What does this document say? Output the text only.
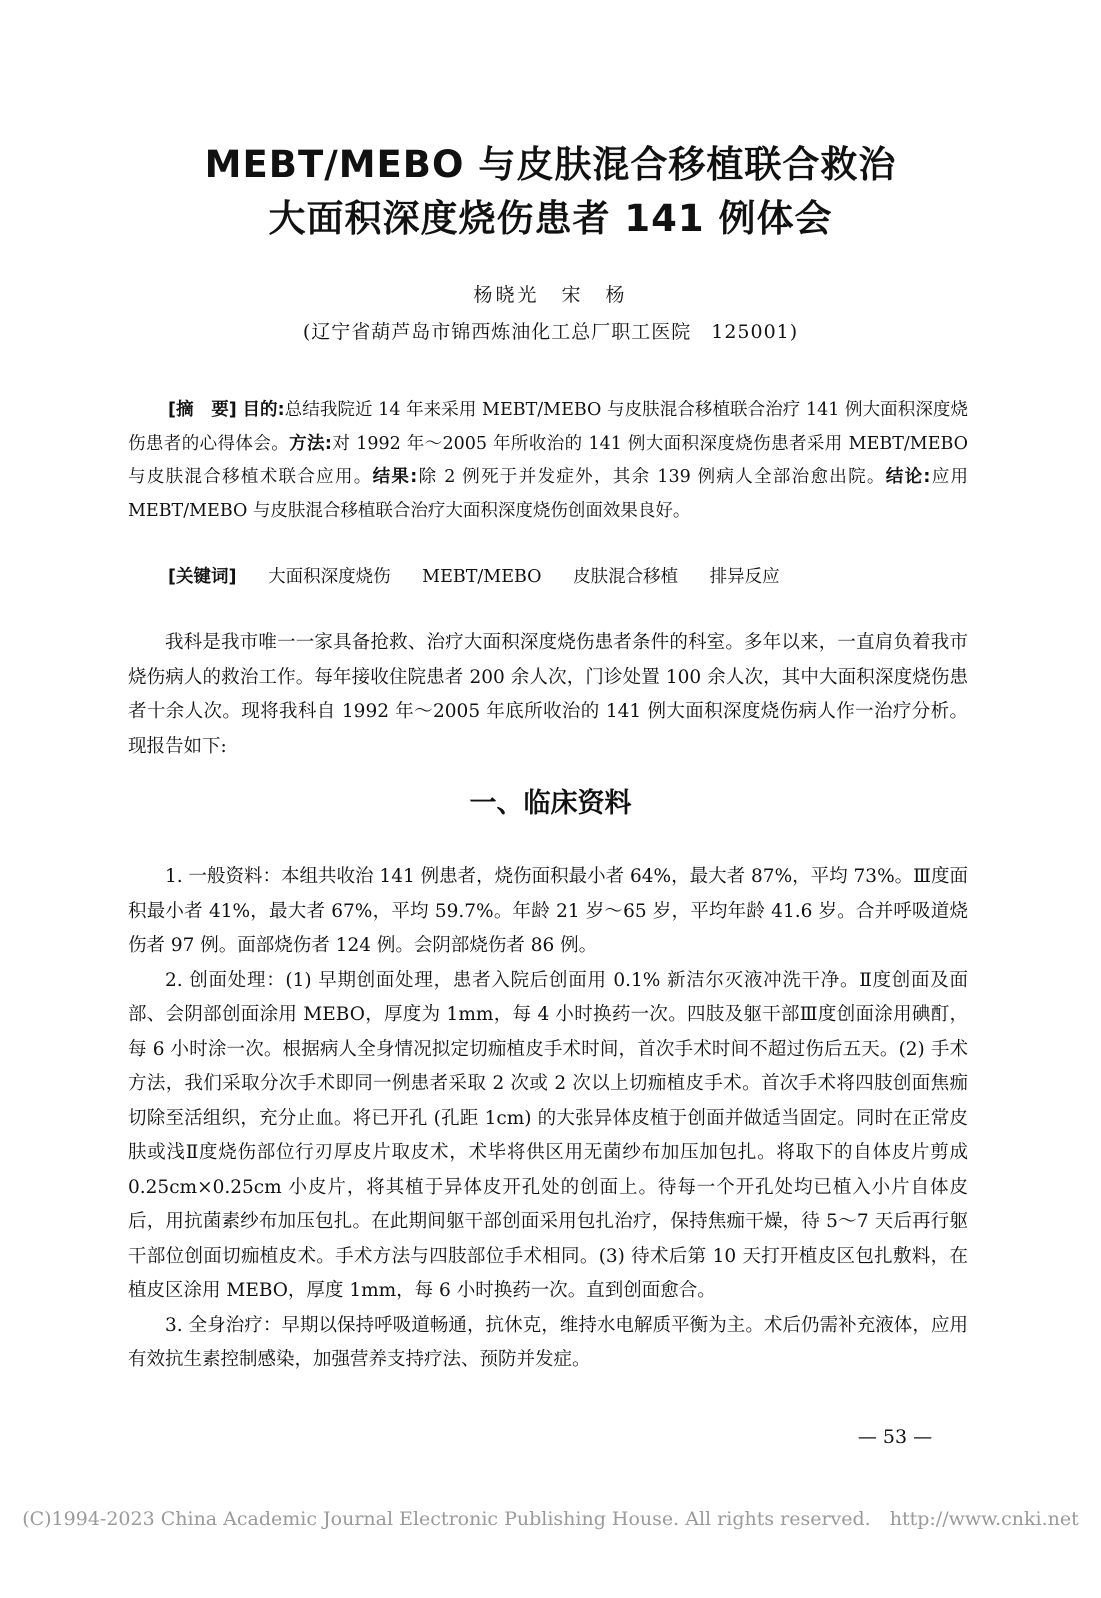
MEBT/MEBO 与皮肤混合移植联合救治
大面积深度烧伤患者 141 例体会
杨晓光　宋　杨
(辽宁省葫芦岛市锦西炼油化工总厂职工医院　125001)
[摘　要] 目的:总结我院近 14 年来采用 MEBT/MEBO 与皮肤混合移植联合治疗 141 例大面积深度烧伤患者的心得体会。方法:对 1992 年～2005 年所收治的 141 例大面积深度烧伤患者采用 MEBT/MEBO 与皮肤混合移植术联合应用。结果:除 2 例死于并发症外，其余 139 例病人全部治愈出院。结论:应用 MEBT/MEBO 与皮肤混合移植联合治疗大面积深度烧伤创面效果良好。
[关键词] 大面积深度烧伤 MEBT/MEBO 皮肤混合移植 排异反应

我科是我市唯一一家具备抢救、治疗大面积深度烧伤患者条件的科室。多年以来，一直肩负着我市烧伤病人的救治工作。每年接收住院患者 200 余人次，门诊处置 100 余人次，其中大面积深度烧伤患者十余人次。现将我科自 1992 年～2005 年底所收治的 141 例大面积深度烧伤病人作一治疗分析。现报告如下:

一、临床资料

1. 一般资料：本组共收治 141 例患者，烧伤面积最小者 64%，最大者 87%，平均 73%。Ⅲ度面积最小者 41%，最大者 67%，平均 59.7%。年龄 21 岁～65 岁，平均年龄 41.6 岁。合并呼吸道烧伤者 97 例。面部烧伤者 124 例。会阴部烧伤者 86 例。

2. 创面处理：(1) 早期创面处理，患者入院后创面用 0.1% 新洁尔灭液冲洗干净。Ⅱ度创面及面部、会阴部创面涂用 MEBO，厚度为 1mm，每 4 小时换药一次。四肢及躯干部Ⅲ度创面涂用碘酊，每 6 小时涂一次。根据病人全身情况拟定切痂植皮手术时间，首次手术时间不超过伤后五天。(2) 手术方法，我们采取分次手术即同一例患者采取 2 次或 2 次以上切痂植皮手术。首次手术将四肢创面焦痂切除至活组织，充分止血。将已开孔 (孔距 1cm) 的大张异体皮植于创面并做适当固定。同时在正常皮肤或浅Ⅱ度烧伤部位行刃厚皮片取皮术，术毕将供区用无菌纱布加压加包扎。将取下的自体皮片剪成 0.25cm×0.25cm 小皮片，将其植于异体皮开孔处的创面上。待每一个开孔处均已植入小片自体皮后，用抗菌素纱布加压包扎。在此期间躯干部创面采用包扎治疗，保持焦痂干燥，待 5～7 天后再行躯干部位创面切痂植皮术。手术方法与四肢部位手术相同。(3) 待术后第 10 天打开植皮区包扎敷料，在植皮区涂用 MEBO，厚度 1mm，每 6 小时换药一次。直到创面愈合。

3. 全身治疗：早期以保持呼吸道畅通，抗休克，维持水电解质平衡为主。术后仍需补充液体，应用有效抗生素控制感染，加强营养支持疗法、预防并发症。

— 53 —
(C)1994-2023 China Academic Journal Electronic Publishing House. All rights reserved.　http://www.cnki.net
